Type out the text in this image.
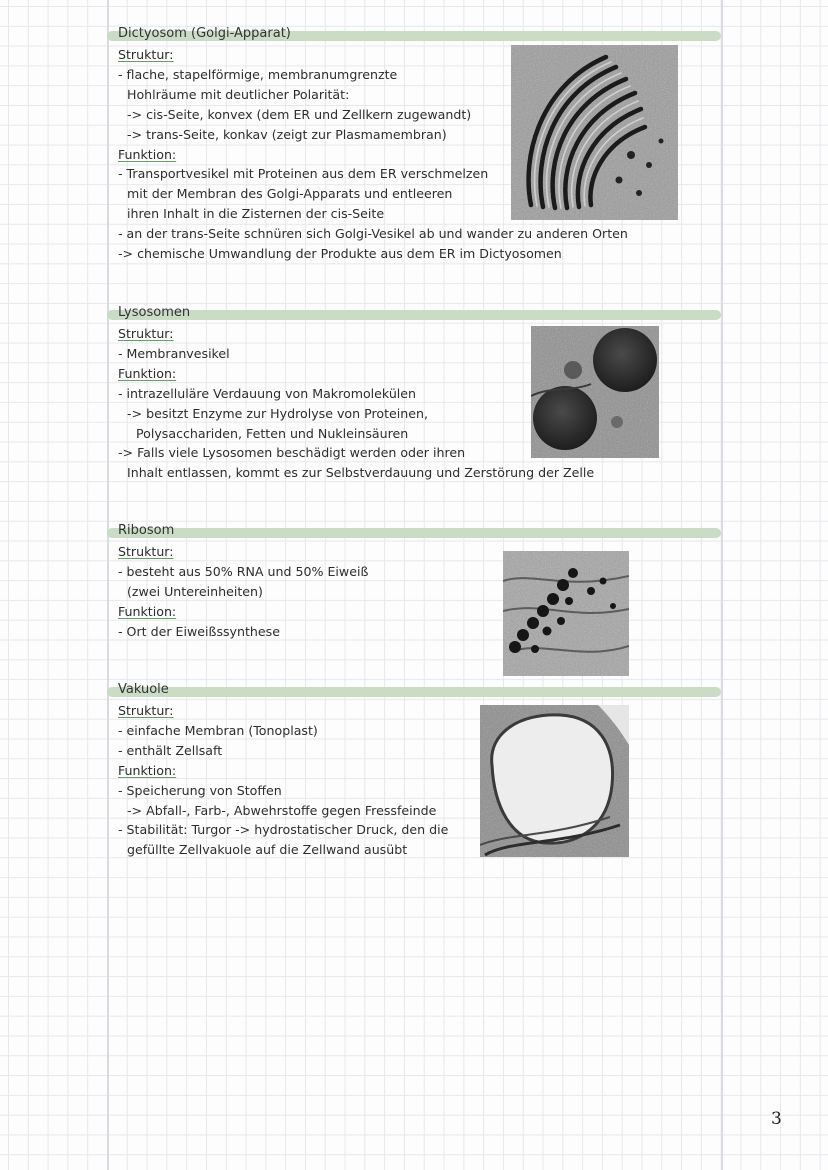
Dictyosom (Golgi-Apparat)
Struktur:
- flache, stapelförmige, membranumgrenzte
Hohlräume mit deutlicher Polarität:
-> cis-Seite, konvex (dem ER und Zellkern zugewandt)
-> trans-Seite, konkav (zeigt zur Plasmamembran)
Funktion:
- Transportvesikel mit Proteinen aus dem ER verschmelzen
mit der Membran des Golgi-Apparats und entleeren
ihren Inhalt in die Zisternen der cis-Seite
- an der trans-Seite schnüren sich Golgi-Vesikel ab und wander zu anderen Orten
-> chemische Umwandlung der Produkte aus dem ER im Dictyosomen
Lysosomen
Struktur:
- Membranvesikel
Funktion:
- intrazelluläre Verdauung von Makromolekülen
-> besitzt Enzyme zur Hydrolyse von Proteinen,
Polysacchariden, Fetten und Nukleinsäuren
-> Falls viele Lysosomen beschädigt werden oder ihren
Inhalt entlassen, kommt es zur Selbstverdauung und Zerstörung der Zelle
Ribosom
Struktur:
- besteht aus 50% RNA und 50% Eiweiß
(zwei Untereinheiten)
Funktion:
- Ort der Eiweißssynthese
Vakuole
Struktur:
- einfache Membran (Tonoplast)
- enthält Zellsaft
Funktion:
- Speicherung von Stoffen
-> Abfall-, Farb-, Abwehrstoffe gegen Fressfeinde
- Stabilität: Turgor -> hydrostatischer Druck, den die
gefüllte Zellvakuole auf die Zellwand ausübt
3
